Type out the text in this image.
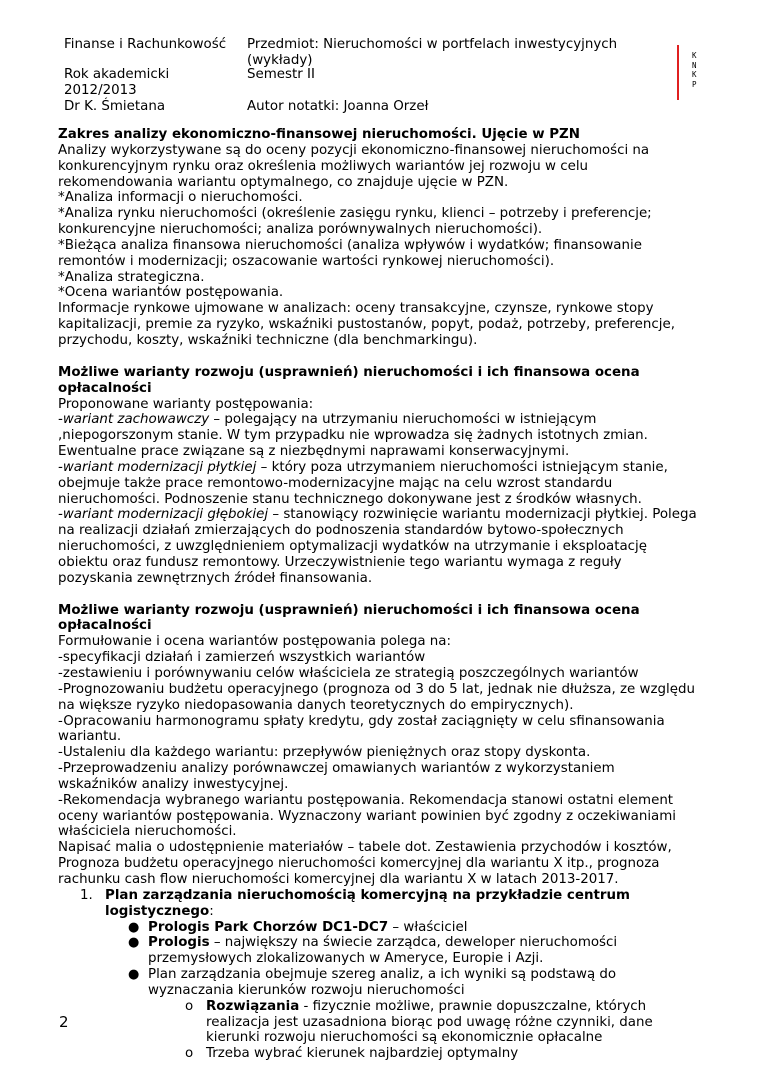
Finanse i Rachunkowość Przedmiot: Nieruchomości w portfelach inwestycyjnych
(wykłady)
Rok akademicki
2012/2013
Semestr II
Dr K. Śmietana	Autor notatki: Joanna Orzeł
K
N
K
P
Zakres analizy ekonomiczno-finansowej nieruchomości. Ujęcie w PZN

Analizy wykorzystywane są do oceny pozycji ekonomiczno-finansowej nieruchomości na konkurencyjnym rynku oraz określenia możliwych wariantów jej rozwoju w celu rekomendowania wariantu optymalnego, co znajduje ujęcie w PZN.

*Analiza informacji o nieruchomości.

*Analiza rynku nieruchomości (określenie zasięgu rynku, klienci – potrzeby i preferencje; konkurencyjne nieruchomości; analiza porównywalnych nieruchomości).

*Bieżąca analiza finansowa nieruchomości (analiza wpływów i wydatków; finansowanie remontów i modernizacji; oszacowanie wartości rynkowej nieruchomości).

*Analiza strategiczna.

*Ocena wariantów postępowania.

Informacje rynkowe ujmowane w analizach: oceny transakcyjne, czynsze, rynkowe stopy kapitalizacji, premie za ryzyko, wskaźniki pustostanów, popyt, podaż, potrzeby, preferencje, przychodu, koszty, wskaźniki techniczne (dla benchmarkingu).

Możliwe warianty rozwoju (usprawnień) nieruchomości i ich finansowa ocena opłacalności

Proponowane warianty postępowania:

-wariant zachowawczy – polegający na utrzymaniu nieruchomości w istniejącym ,niepogorszonym stanie. W tym przypadku nie wprowadza się żadnych istotnych zmian. Ewentualne prace związane są z niezbędnymi naprawami konserwacyjnymi.

-wariant modernizacji płytkiej – który poza utrzymaniem nieruchomości istniejącym stanie, obejmuje także prace remontowo-modernizacyjne mając na celu wzrost standardu nieruchomości. Podnoszenie stanu technicznego dokonywane jest z środków własnych.

-wariant modernizacji głębokiej – stanowiący rozwinięcie wariantu modernizacji płytkiej. Polega na realizacji działań zmierzających do podnoszenia standardów bytowo-społecznych nieruchomości, z uwzględnieniem optymalizacji wydatków na utrzymanie i eksploatację obiektu oraz fundusz remontowy. Urzeczywistnienie tego wariantu wymaga z reguły pozyskania zewnętrznych źródeł finansowania.

Możliwe warianty rozwoju (usprawnień) nieruchomości i ich finansowa ocena opłacalności

Formułowanie i ocena wariantów postępowania polega na:

-specyfikacji działań i zamierzeń wszystkich wariantów

-zestawieniu i porównywaniu celów właściciela ze strategią poszczególnych wariantów

-Prognozowaniu budżetu operacyjnego (prognoza od 3 do 5 lat, jednak nie dłuższa, ze względu na większe ryzyko niedopasowania danych teoretycznych do empirycznych).

-Opracowaniu harmonogramu spłaty kredytu, gdy został zaciągnięty w celu sfinansowania wariantu.

-Ustaleniu dla każdego wariantu: przepływów pieniężnych oraz stopy dyskonta.

-Przeprowadzeniu analizy porównawczej omawianych wariantów z wykorzystaniem wskaźników analizy inwestycyjnej.

-Rekomendacja wybranego wariantu postępowania. Rekomendacja stanowi ostatni element oceny wariantów postępowania. Wyznaczony wariant powinien być zgodny z oczekiwaniami właściciela nieruchomości.

Napisać malia o udostępnienie materiałów – tabele dot. Zestawienia przychodów i kosztów, Prognoza budżetu operacyjnego nieruchomości komercyjnej dla wariantu X itp., prognoza rachunku cash flow nieruchomości komercyjnej dla wariantu X w latach 2013-2017.

1. Plan zarządzania nieruchomością komercyjną na przykładzie centrum logistycznego:

● Prologis Park Chorzów DC1-DC7 – właściciel

● Prologis – największy na świecie zarządca, deweloper nieruchomości przemysłowych zlokalizowanych w Ameryce, Europie i Azji.

● Plan zarządzania obejmuje szereg analiz, a ich wyniki są podstawą do wyznaczania kierunków rozwoju nieruchomości

o Rozwiązania - fizycznie możliwe, prawnie dopuszczalne, których realizacja jest uzasadniona biorąc pod uwagę różne czynniki, dane kierunki rozwoju nieruchomości są ekonomicznie opłacalne

o Trzeba wybrać kierunek najbardziej optymalny

2
